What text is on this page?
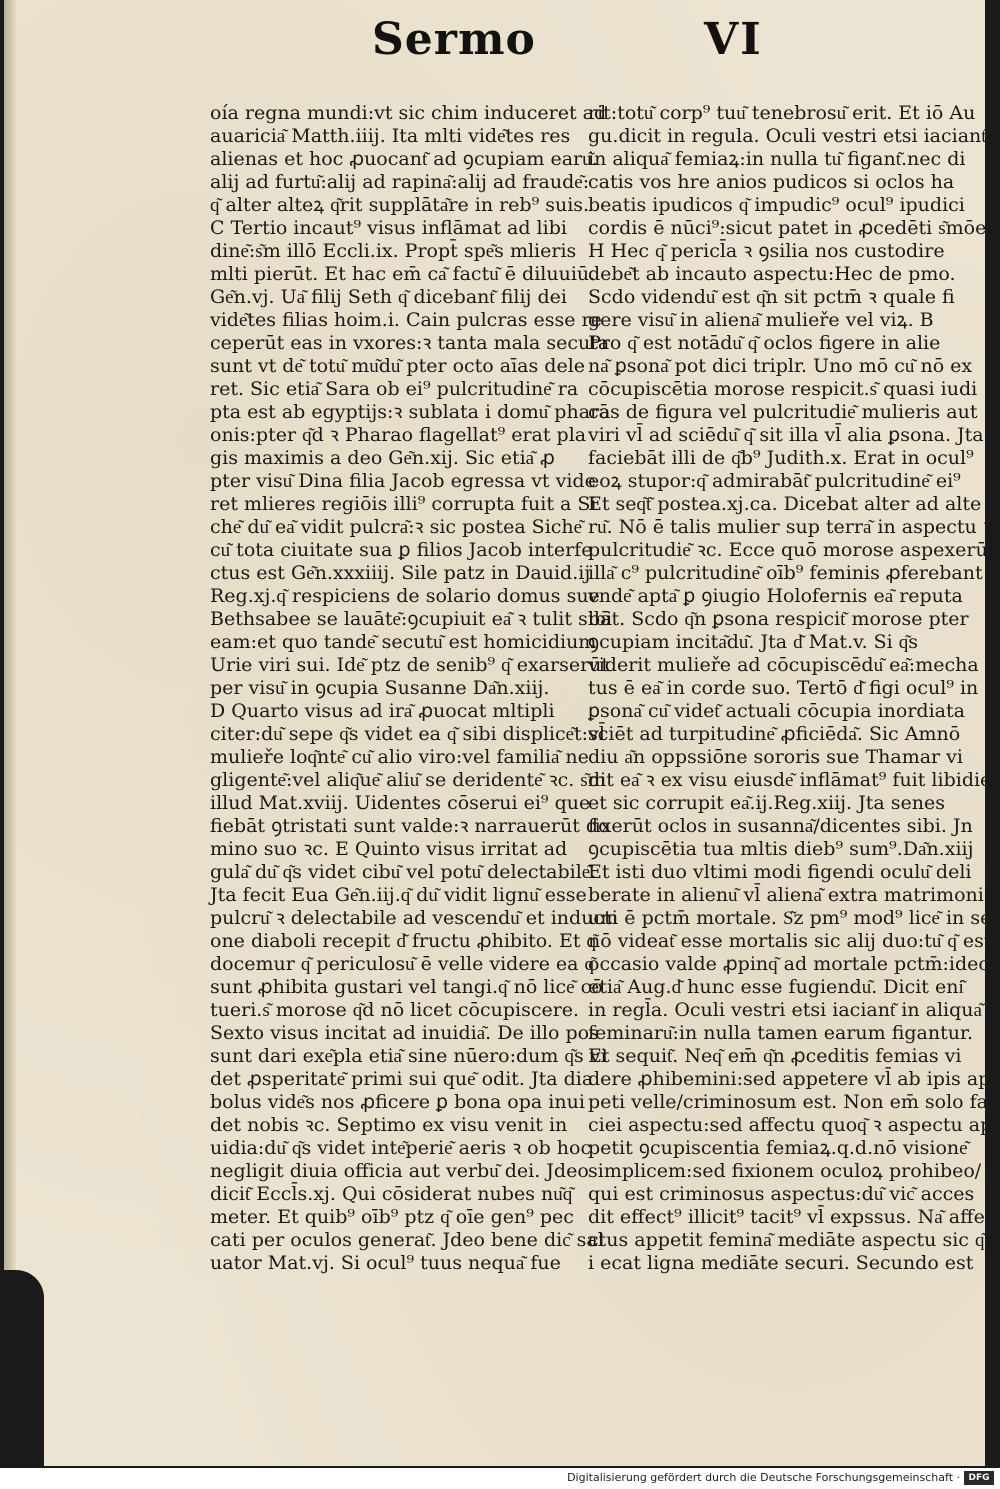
Sermo	VI
oía regna mundi:vt sic chim induceret ad
auaricia͂ Matth.iiij. Ita mlti vide͂tes res
alienas et hoc ꝓuocant͂ ad ꝯcupiam earu͂.
alij ad furtu͂:alij ad rapina͂:alij ad fraude͂:
q͂ alter alteꝝ q͂rit supplāta͂re in reb⁹ suis.
C Tertio incaut⁹ visus inflāmat ad libi
dine͂:s͂m illō Eccli.ix. Propt̄ spe͂s mlieris
mlti pierūt. Et hac em̄ ca͂ factu͂ ē diluuiū.
Ge͂n.vj. Ua͂ filij Seth q͂ dicebant͂ filij dei
vide͂tes filias hoim.i. Cain pulcras esse re
ceperūt eas in vxores:ꝛ tanta mala secuta
sunt vt de͂ totu͂ mu͂du͂ pter octo aīas dele
ret. Sic etia͂ Sara ob ei⁹ pulcritudine͂ ra
pta est ab egyptijs:ꝛ sublata i domu͂ phara
onis:pter q͂d ꝛ Pharao flagellat⁹ erat pla
gis maximis a deo Ge͂n.xij. Sic etia͂ ꝓ
pter visu͂ Dina filia Jacob egressa vt vide
ret mlieres regiōis illi⁹ corrupta fuit a Si
che͂ du͂ ea͂ vidit pulcra͂:ꝛ sic postea Siche͂
cu͂ tota ciuitate sua ꝑ filios Jacob interfe
ctus est Ge͂n.xxxiiij. Sile patz in Dauid.ij
Reg.xj.q͂ respiciens de solario domus sue
Bethsabee se lauāte͂:ꝯcupiuit ea͂ ꝛ tulit sibi
eam:et quo tande͂ secutu͂ est homicidium
Urie viri sui. Ide͂ ptz de senib⁹ q͂ exarserūt
per visu͂ in ꝯcupia Susanne Da͂n.xiij.
D Quarto visus ad ira͂ ꝓuocat mltipli
citer:du͂ sepe q͂s videt ea q͂ sibi displice͂t:vl̄
mulieře loq͂nte͂ cu͂ alio viro:vel familia͂ ne
gligente͂:vel aliq͂ue͂ aliu͂ se deridente͂ ꝛc. s͂m
illud Mat.xviij. Uidentes cōserui ei⁹ que
fiebāt ꝯtristati sunt valde:ꝛ narrauerūt do
mino suo ꝛc. E Quinto visus irritat ad
gula͂ du͂ q͂s videt cibu͂ vel potu͂ delectabile͂.
Jta fecit Eua Ge͂n.iij.q͂ du͂ vidit lignu͂ esse
pulcru͂ ꝛ delectabile ad vescendu͂ et inducti
one diaboli recepit d͂ fructu ꝓhibito. Et q͂
docemur q͂ periculosu͂ ē velle videre ea q͂
sunt ꝓhibita gustari vel tangi.q͂ nō lice͂ cō
tueri.s͂ morose q͂d nō licet cōcupiscere.
Sexto visus incitat ad inuidia͂. De illo pos
sunt dari exe͂pla etia͂ sine nūero:dum q͂s vi
det ꝓsperitate͂ primi sui que͂ odit. Jta dia
bolus vide͂s nos ꝓficere ꝑ bona opa inui
det nobis ꝛc. Septimo ex visu venit in
uidia:du͂ q͂s videt inte͂perie͂ aeris ꝛ ob hoc
negligit diuia officia aut verbu͂ dei. Jdeo
dicit͂ Eccl̄s.xj. Qui cōsiderat nubes nu͂q͂
meter. Et quib⁹ oīb⁹ ptz q͂ oīe gen⁹ pec
cati per oculos generat͂. Jdeo bene dic͂ sal
uator Mat.vj. Si ocul⁹ tuus nequa͂ fue
rit:totu͂ corp⁹ tuu͂ tenebrosu͂ erit. Et iō Au
gu.dicit in regula. Oculi vestri etsi iaciant͂
in aliqua͂ femiaꝝ:in nulla tu͂ figant͂.nec di
catis vos hre anios pudicos si oclos ha
beatis ipudicos q͂ impudic⁹ ocul⁹ ipudici
cordis ē nūci⁹:sicut patet in ꝓcedēti s͂mōe.
H Hec q͂ pericl̄a ꝛ ꝯsilia nos custodire
debe͂t ab incauto aspectu:Hec de pmo.
Scdo videndu͂ est q͂n sit pctm̄ ꝛ quale fi
gere visu͂ in aliena͂ mulieře vel viꝝ. B
Pro q͂ est notādu͂ q͂ oclos figere in alie
na͂ ꝑsona͂ pot dici triplr. Uno mō cu͂ nō ex
cōcupiscētia morose respicit.s͂ quasi iudi
cās de figura vel pulcritudie͂ mulieris aut
viri vl̄ ad sciēdu͂ q͂ sit illa vl̄ alia ꝑsona. Jta
faciebāt illi de q͂b⁹ Judith.x. Erat in ocul⁹
eoꝝ stupor:q͂ admirabāt͂ pulcritudine͂ ei⁹
Et seq͂t͂ postea.xj.ca. Dicebat alter ad alte
ru͂. Nō ē talis mulier sup terra͂ in aspectu ꝛ
pulcritudie͂ ꝛc. Ecce quō morose aspexerūt
illa͂ c⁹ pulcritudine͂ oīb⁹ feminis ꝓferebant
vnde͂ apta͂ ꝑ ꝯiugio Holofernis ea͂ reputa
bāt. Scdo q͂n ꝑsona respicit͂ morose pter
ꝯcupiam incita͂du͂. Jta d͂ Mat.v. Si q͂s
viderit mulieře ad cōcupiscēdu͂ ea͂:mecha
tus ē ea͂ in corde suo. Tertō d͂ figi ocul⁹ in
ꝑsona͂ cu͂ videt͂ actuali cōcupia inordiata
sciēt ad turpitudine͂ ꝓficiēda͂. Sic Amnō
diu a͂n oppssiōne sororis sue Thamar vi
dit ea͂ ꝛ ex visu eiusde͂ inflāmat⁹ fuit libidie
et sic corrupit ea͂.ij.Reg.xiij. Jta senes
fixerūt oclos in susanna͂/dicentes sibi. Jn
ꝯcupiscētia tua mltis dieb⁹ sum⁹.Da͂n.xiij
Et isti duo vltimi modi figendi oculu͂ deli
berate in alienu͂ vl̄ aliena͂ extra matrimoni
um ē pctm̄ mortale. S͂z pm⁹ mod⁹ lice͂ in se
nō videat͂ esse mortalis sic alij duo:tu͂ q͂ est
occasio valde ꝓpinq͂ ad mortale pctm̄:ideo
etia͂ Aug.d͂ hunc esse fugiendu͂. Dicit eni͂
in regl̄a. Oculi vestri etsi iaciant͂ in aliqua͂
feminaru͂:in nulla tamen earum figantur.
Et sequit͂. Neq͂ em̄ q͂n ꝓceditis femias vi
dere ꝓhibemini:sed appetere vl̄ ab ipis ap
peti velle/criminosum est. Non em̄ solo fa
ciei aspectu:sed affectu quoq͂ ꝛ aspectu ap
petit ꝯcupiscentia femiaꝝ.q.d.nō visione͂
simplicem:sed fixionem oculoꝝ prohibeo/
qui est criminosus aspectus:du͂ vic͂ acces
dit effect⁹ illicit⁹ tacit⁹ vl̄ expssus. Na͂ affe
ctus appetit femina͂ mediāte aspectu sic q͂s
i ecat ligna mediāte securi. Secundo est
Digitalisierung gefördert durch die Deutsche Forschungsgemeinschaft · DFG
